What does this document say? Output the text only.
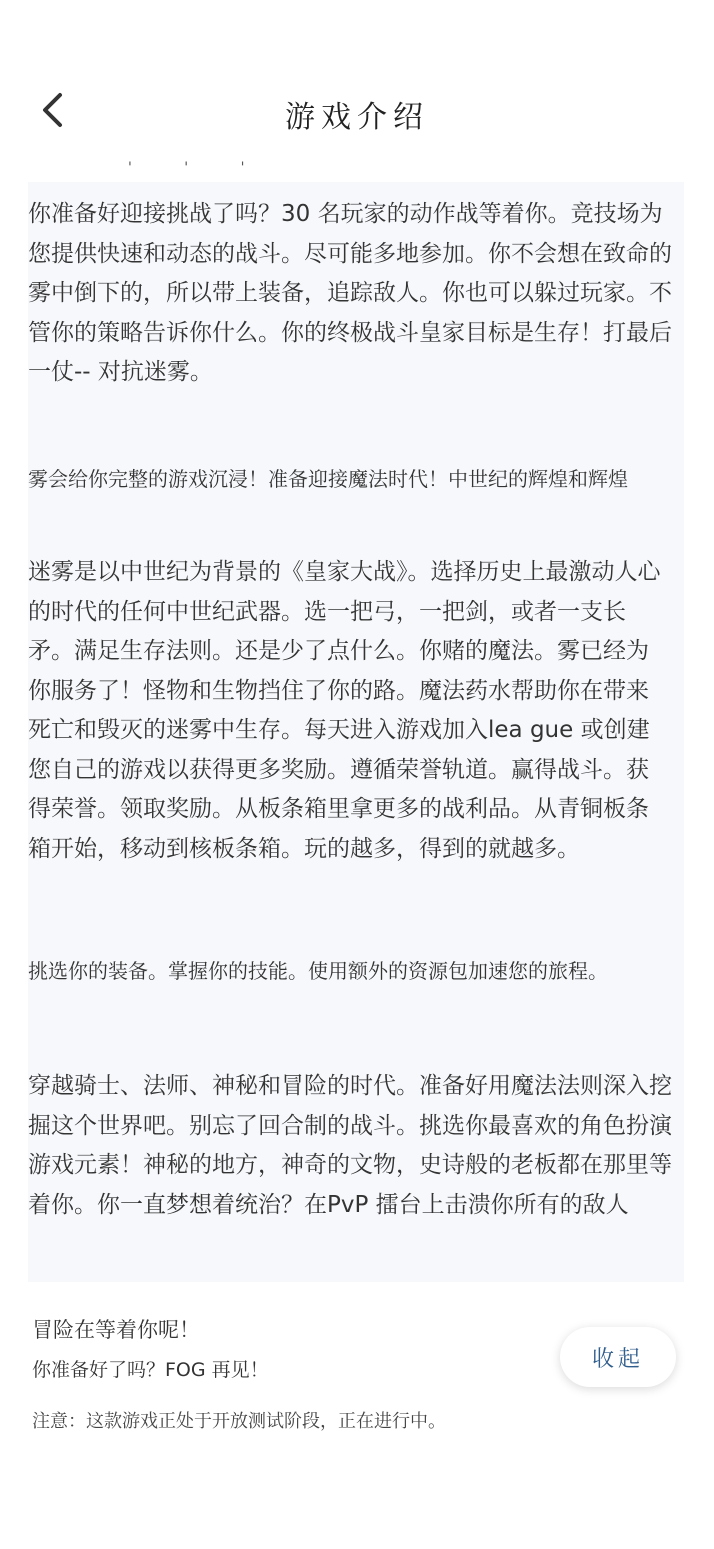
游戏介绍
' ' '

你准备好迎接挑战了吗？30 名玩家的动作战等着你。竞技场为您提供快速和动态的战斗。尽可能多地参加。你不会想在致命的雾中倒下的，所以带上装备，追踪敌人。你也可以躲过玩家。不管你的策略告诉你什么。你的终极战斗皇家目标是生存！打最后一仗-- 对抗迷雾。

雾会给你完整的游戏沉浸！准备迎接魔法时代！中世纪的辉煌和辉煌

迷雾是以中世纪为背景的《皇家大战》。选择历史上最激动人心的时代的任何中世纪武器。选一把弓，一把剑，或者一支长矛。满足生存法则。还是少了点什么。你赌的魔法。雾已经为你服务了！怪物和生物挡住了你的路。魔法药水帮助你在带来死亡和毁灭的迷雾中生存。每天进入游戏加入lea gue 或创建您自己的游戏以获得更多奖励。遵循荣誉轨道。赢得战斗。获得荣誉。领取奖励。从板条箱里拿更多的战利品。从青铜板条箱开始，移动到核板条箱。玩的越多，得到的就越多。

挑选你的装备。掌握你的技能。使用额外的资源包加速您的旅程。

穿越骑士、法师、神秘和冒险的时代。准备好用魔法法则深入挖掘这个世界吧。别忘了回合制的战斗。挑选你最喜欢的角色扮演游戏元素！神秘的地方，神奇的文物，史诗般的老板都在那里等着你。你一直梦想着统治？在PvP 擂台上击溃你所有的敌人

冒险在等着你呢！

你准备好了吗？FOG 再见！

注意：这款游戏正处于开放测试阶段，正在进行中。

收起
